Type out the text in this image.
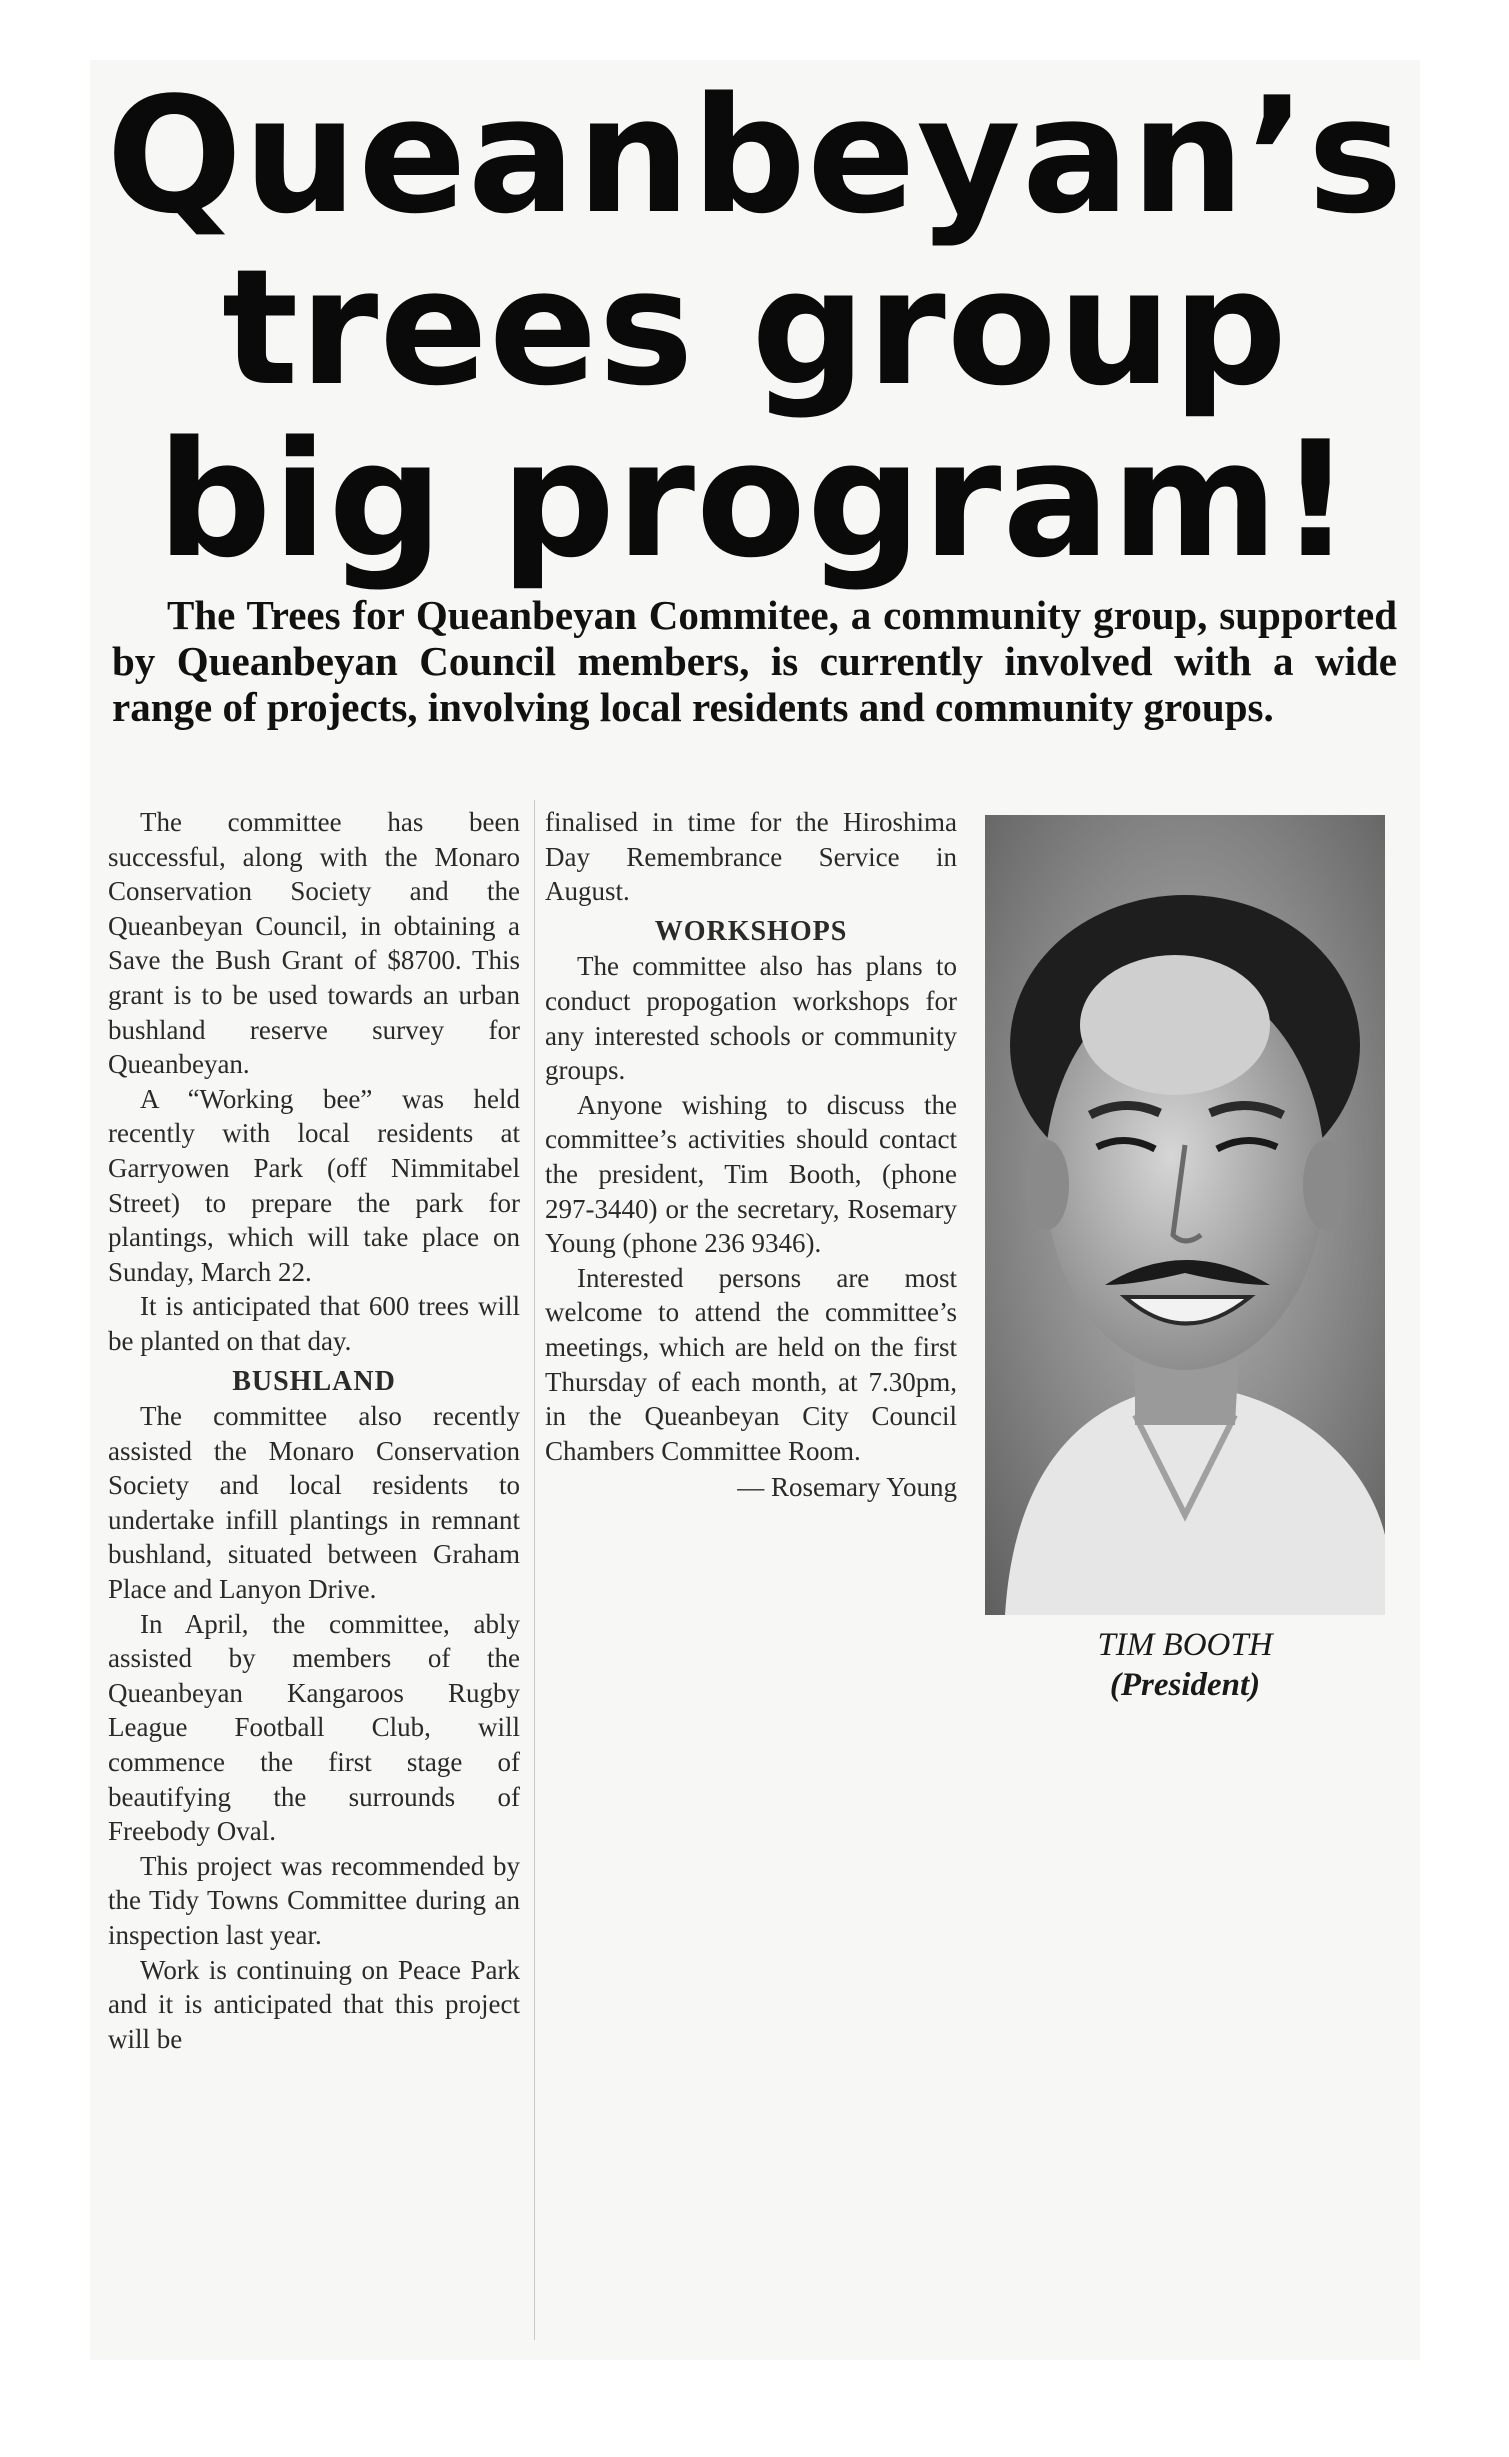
Queanbeyan’s
trees group
big program!

The Trees for Queanbeyan Commitee, a community group, supported by Queanbeyan Council members, is currently involved with a wide range of projects, involving local residents and community groups.

The committee has been successful, along with the Monaro Conservation Society and the Queanbeyan Council, in obtaining a Save the Bush Grant of $8700. This grant is to be used towards an urban bushland reserve survey for Queanbeyan.

A “Working bee” was held recently with local residents at Garryowen Park (off Nimmitabel Street) to prepare the park for plantings, which will take place on Sunday, March 22.

It is anticipated that 600 trees will be planted on that day.

BUSHLAND

The committee also recently assisted the Monaro Conservation Society and local residents to undertake infill plantings in remnant bushland, situated between Graham Place and Lanyon Drive.

In April, the committee, ably assisted by members of the Queanbeyan Kangaroos Rugby League Football Club, will commence the first stage of beautifying the surrounds of Freebody Oval.

This project was recommended by the Tidy Towns Committee during an inspection last year.

Work is continuing on Peace Park and it is anticipated that this project will be

finalised in time for the Hiroshima Day Remembrance Service in August.

WORKSHOPS

The committee also has plans to conduct propogation workshops for any interested schools or community groups.

Anyone wishing to discuss the committee’s activities should contact the president, Tim Booth, (phone 297-3440) or the secretary, Rosemary Young (phone 236 9346).

Interested persons are most welcome to attend the committee’s meetings, which are held on the first Thursday of each month, at 7.30pm, in the Queanbeyan City Council Chambers Committee Room.

— Rosemary Young
TIM BOOTH
(President)
